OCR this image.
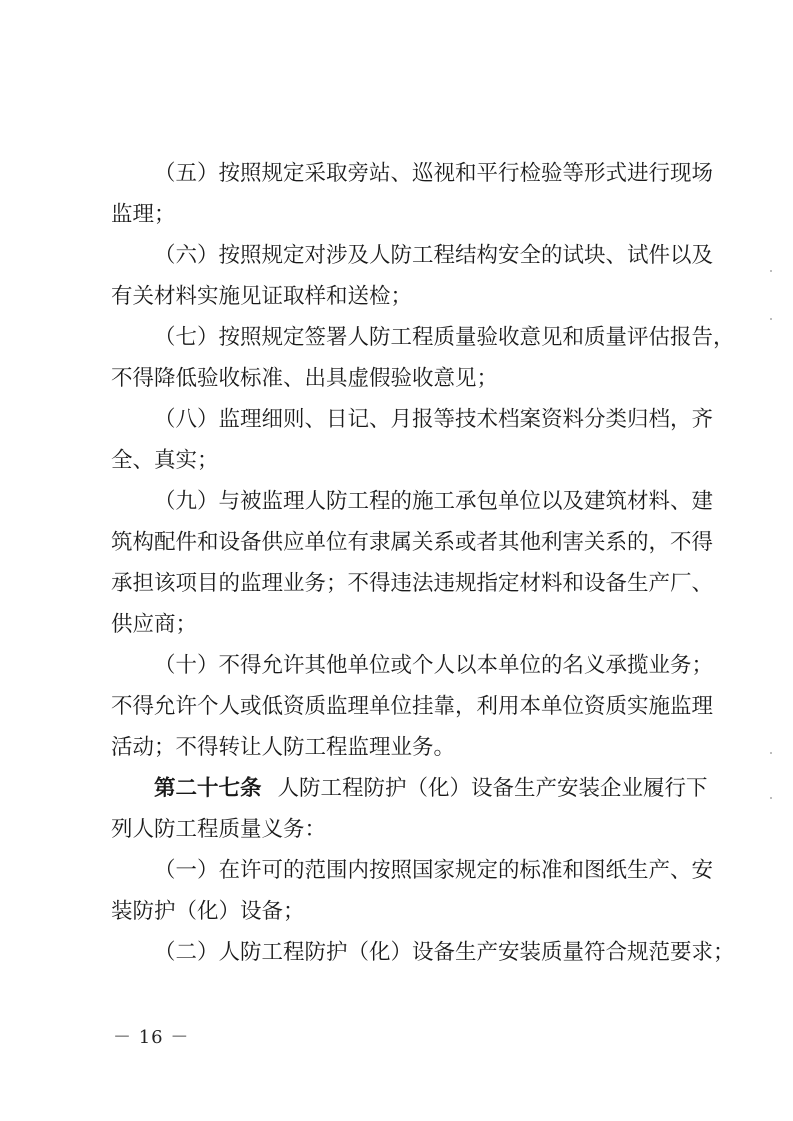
（五）按照规定采取旁站、巡视和平行检验等形式进行现场
监理；
（六）按照规定对涉及人防工程结构安全的试块、试件以及
有关材料实施见证取样和送检；
（七）按照规定签署人防工程质量验收意见和质量评估报告，
不得降低验收标准、出具虚假验收意见；
（八）监理细则、日记、月报等技术档案资料分类归档，齐
全、真实；
（九）与被监理人防工程的施工承包单位以及建筑材料、建
筑构配件和设备供应单位有隶属关系或者其他利害关系的，不得
承担该项目的监理业务；不得违法违规指定材料和设备生产厂、
供应商；
（十）不得允许其他单位或个人以本单位的名义承揽业务；
不得允许个人或低资质监理单位挂靠，利用本单位资质实施监理
活动；不得转让人防工程监理业务。
第二十七条 人防工程防护（化）设备生产安装企业履行下
列人防工程质量义务：
（一）在许可的范围内按照国家规定的标准和图纸生产、安
装防护（化）设备；
（二）人防工程防护（化）设备生产安装质量符合规范要求；
－ 16 －
